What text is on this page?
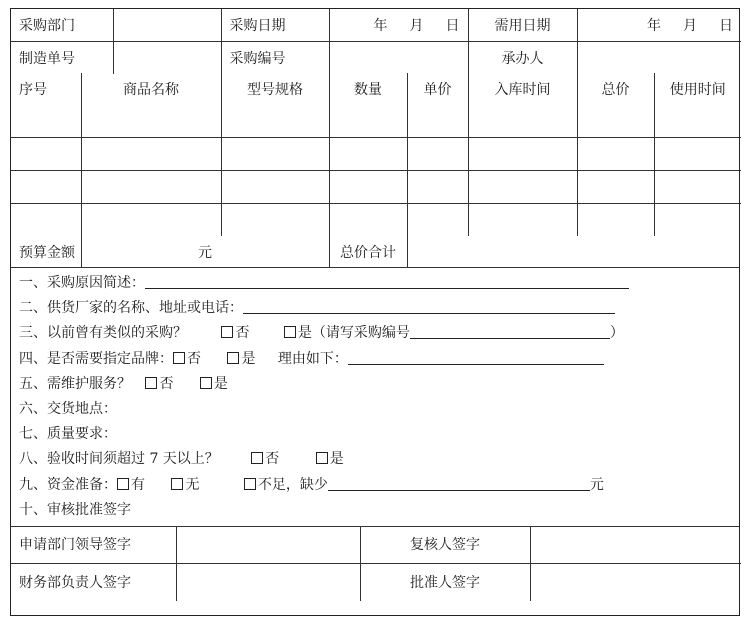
采购部门		采购日期	年 月 日	需用日期	年 月 日
制造单号		采购编号		承办人	
序号	商品名称	型号规格	数量	单价	入库时间	总价	使用时间

预算金额	元		总价合计				
一、采购原因简述：
二、供货厂家的名称、地址或电话：
三、以前曾有类似的采购？	否	是（请写采购编号	）
四、是否需要指定品牌： 否	是 理由如下：
五、需维护服务？ 否	是
六、交货地点：
七、质量要求：
八、验收时间须超过 7 天以上？	否	是
九、资金准备： 有	无	不足，缺少	元
十、审核批准签字
申请部门领导签字		复核人签字	
财务部负责人签字		批准人签字	
